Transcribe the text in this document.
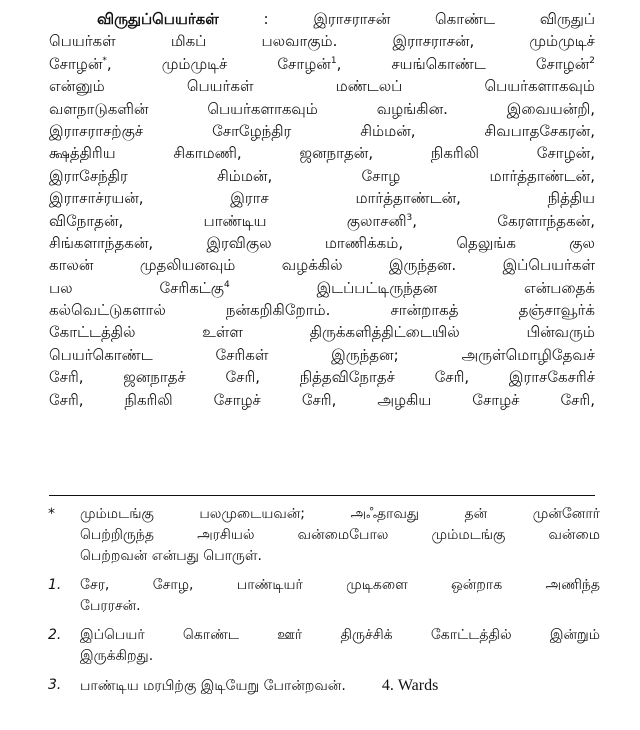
விருதுப்பெயர்கள் : இராசராசன் கொண்ட விருதுப்
பெயர்கள் மிகப் பலவாகும். இராசராசன், மும்முடிச்
சோழன்*, மும்முடிச் சோழன்$^1$, சயங்கொண்ட சோழன்$^2$
என்னும் பெயர்கள் மண்டலப் பெயர்களாகவும்
வளநாடுகளின் பெயர்களாகவும் வழங்கின. இவையன்றி,
இராசராசற்குச் சோழேந்திர சிம்மன், சிவபாதசேகரன்,
க்ஷத்திரிய சிகாமணி, ஜனநாதன், நிகரிலி சோழன்,
இராசேந்திர சிம்மன், சோழ மார்த்தாண்டன்,
இராசாச்ரயன், இராச மார்த்தாண்டன், நித்திய
விநோதன், பாண்டிய குலாசனி$^3$, கேரளாந்தகன்,
சிங்களாந்தகன், இரவிகுல மாணிக்கம், தெலுங்க குல
காலன் முதலியனவும் வழக்கில் இருந்தன. இப்பெயர்கள்
பல சேரிகட்கு$^4$ இடப்பட்டிருந்தன என்பதைக்
கல்வெட்டுகளால் நன்கறிகிறோம். சான்றாகத் தஞ்சாவூர்க்
கோட்டத்தில் உள்ள திருக்களித்திட்டையில் பின்வரும்
பெயர்கொண்ட சேரிகள் இருந்தன; அருள்மொழிதேவச்
சேரி, ஜனநாதச் சேரி, நித்தவிநோதச் சேரி, இராசகேசரிச்
சேரி, நிகரிலி சோழச் சேரி, அழகிய சோழச் சேரி,
* மும்மடங்கு பலமுடையவன்; அஃதாவது தன் முன்னோர்
பெற்றிருந்த அரசியல் வன்மைபோல மும்மடங்கு வன்மை
பெற்றவன் என்பது பொருள்.
1. சேர, சோழ, பாண்டியர் முடிகளை ஒன்றாக அணிந்த
பேரரசன்.
2. இப்பெயர் கொண்ட ஊர் திருச்சிக் கோட்டத்தில் இன்றும்
இருக்கிறது.
3. பாண்டிய மரபிற்கு இடியேறு போன்றவன். 4. Wards
